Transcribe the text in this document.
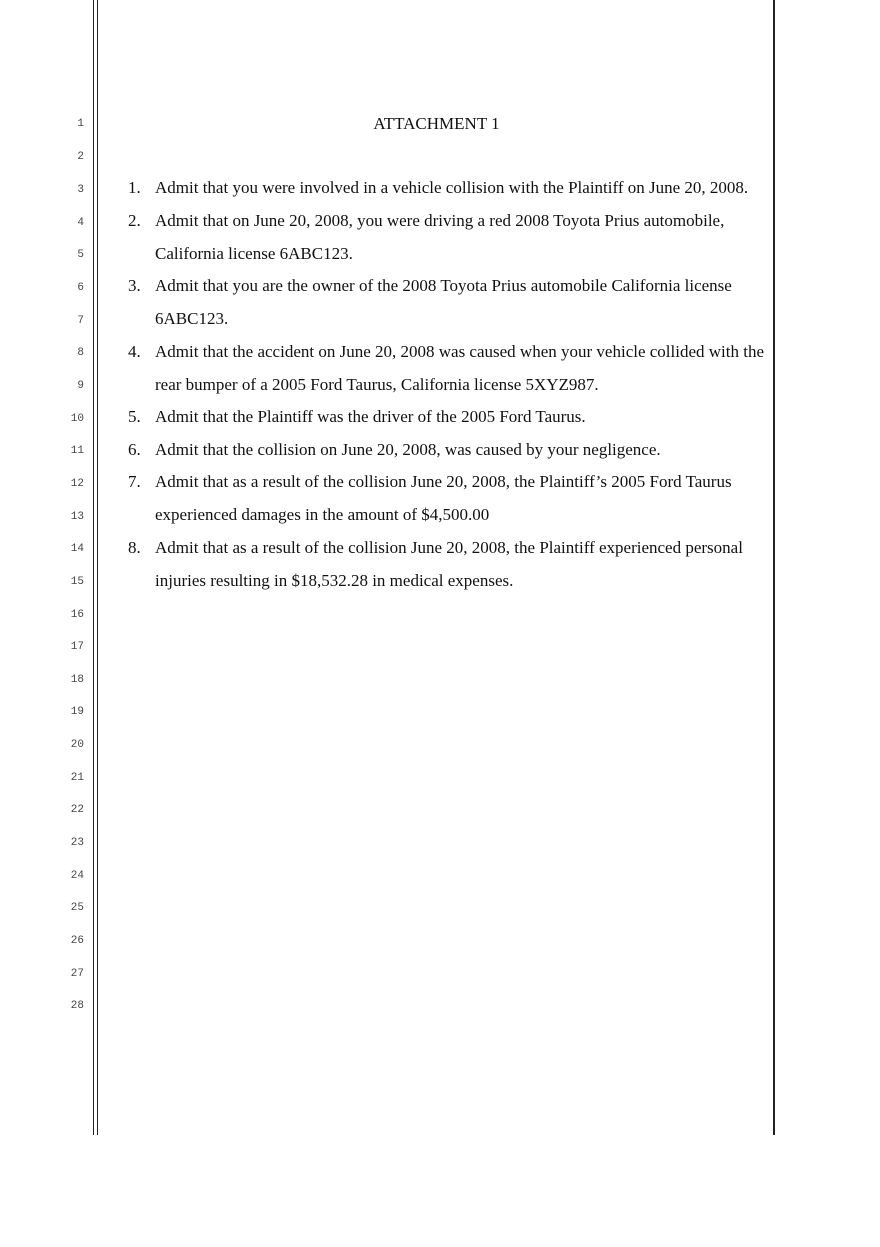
1
2
3
4
5
6
7
8
9
10
11
12
13
14
15
16
17
18
19
20
21
22
23
24
25
26
27
28
ATTACHMENT 1
1. Admit that you were involved in a vehicle collision with the Plaintiff on June 20, 2008.
2. Admit that on June 20, 2008, you were driving a red 2008 Toyota Prius automobile, California license 6ABC123.
3. Admit that you are the owner of the 2008 Toyota Prius automobile California license 6ABC123.
4. Admit that the accident on June 20, 2008 was caused when your vehicle collided with the rear bumper of a 2005 Ford Taurus, California license 5XYZ987.
5. Admit that the Plaintiff was the driver of the 2005 Ford Taurus.
6. Admit that the collision on June 20, 2008, was caused by your negligence.
7. Admit that as a result of the collision June 20, 2008, the Plaintiff’s 2005 Ford Taurus experienced damages in the amount of $4,500.00
8. Admit that as a result of the collision June 20, 2008, the Plaintiff experienced personal injuries resulting in $18,532.28 in medical expenses.
